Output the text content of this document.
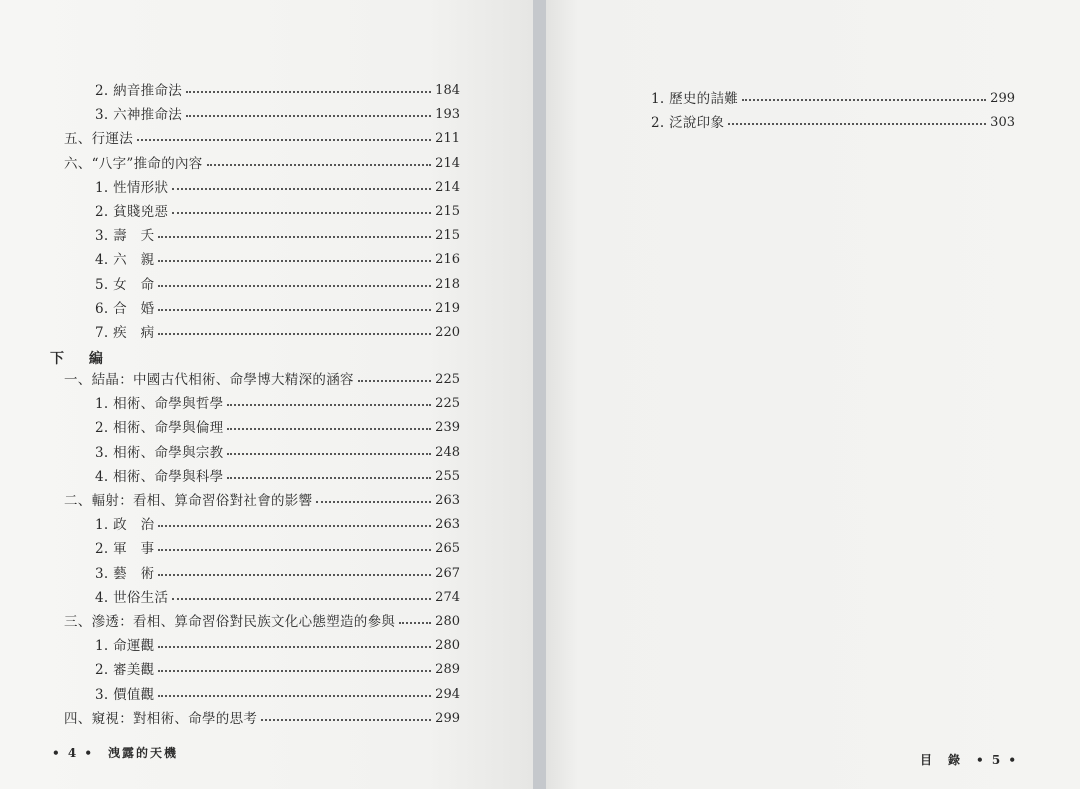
2. 納音推命法	184
3. 六神推命法	193
五、行運法	211
六、“八字”推命的內容	214
1. 性情形狀	214
2. 貧賤兇惡	215
3. 壽　夭	215
4. 六　親	216
5. 女　命	218
6. 合　婚	219
7. 疾　病	220
下 編
一、結晶：中國古代相術、命學博大精深的涵容	225
1. 相術、命學與哲學	225
2. 相術、命學與倫理	239
3. 相術、命學與宗教	248
4. 相術、命學與科學	255
二、輻射：看相、算命習俗對社會的影響	263
1. 政　治	263
2. 軍　事	265
3. 藝　術	267
4. 世俗生活	274
三、滲透：看相、算命習俗對民族文化心態塑造的參與	280
1. 命運觀	280
2. 審美觀	289
3. 價值觀	294
四、窺視：對相術、命學的思考	299
• 4 •　洩露的天機
1. 歷史的詰難	299
2. 泛說印象	303
目　錄　• 5 •
